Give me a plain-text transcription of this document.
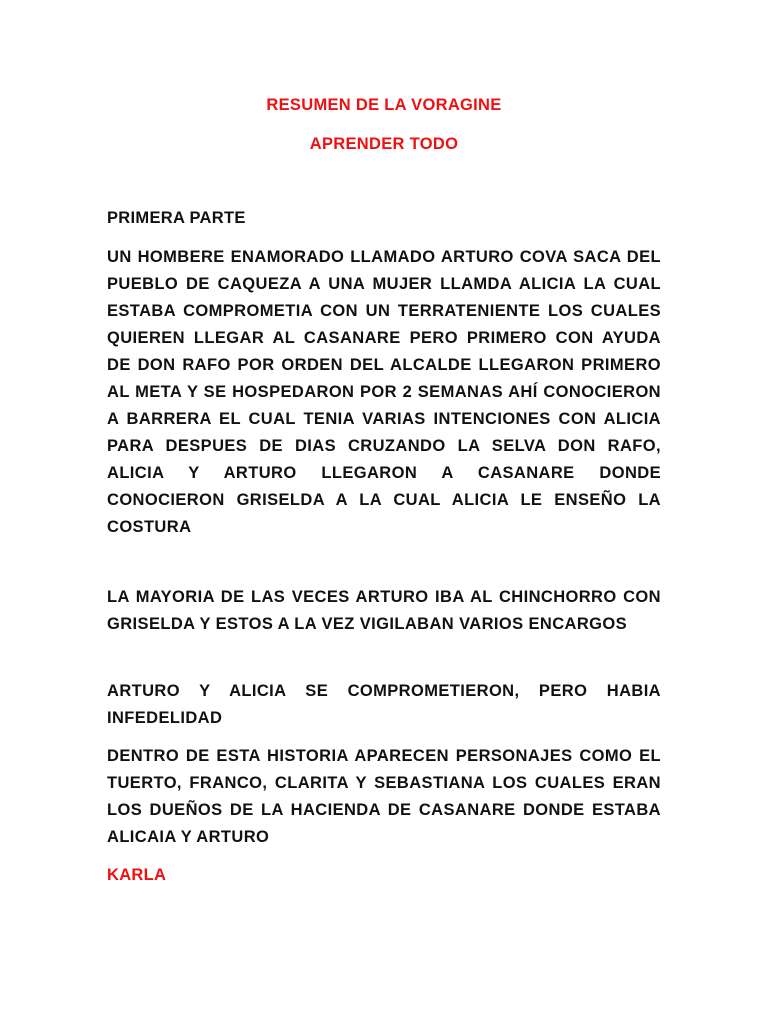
RESUMEN DE LA VORAGINE
APRENDER TODO
PRIMERA PARTE

UN HOMBERE ENAMORADO LLAMADO ARTURO COVA SACA DEL PUEBLO DE CAQUEZA A UNA MUJER LLAMDA ALICIA LA CUAL ESTABA COMPROMETIA CON UN TERRATENIENTE LOS CUALES QUIEREN LLEGAR AL CASANARE PERO PRIMERO CON AYUDA DE DON RAFO POR ORDEN DEL ALCALDE LLEGARON PRIMERO AL META Y SE HOSPEDARON POR 2 SEMANAS AHÍ CONOCIERON A BARRERA EL CUAL TENIA VARIAS INTENCIONES CON ALICIA PARA DESPUES DE DIAS CRUZANDO LA SELVA DON RAFO, ALICIA Y ARTURO LLEGARON A CASANARE DONDE CONOCIERON GRISELDA A LA CUAL ALICIA LE ENSEÑO LA COSTURA

LA MAYORIA DE LAS VECES ARTURO IBA AL CHINCHORRO CON GRISELDA Y ESTOS A LA VEZ VIGILABAN VARIOS ENCARGOS

ARTURO Y ALICIA SE COMPROMETIERON, PERO HABIA INFEDELIDAD

DENTRO DE ESTA HISTORIA APARECEN PERSONAJES COMO EL TUERTO, FRANCO, CLARITA Y SEBASTIANA LOS CUALES ERAN LOS DUEÑOS DE LA HACIENDA DE CASANARE DONDE ESTABA ALICAIA Y ARTURO

KARLA
